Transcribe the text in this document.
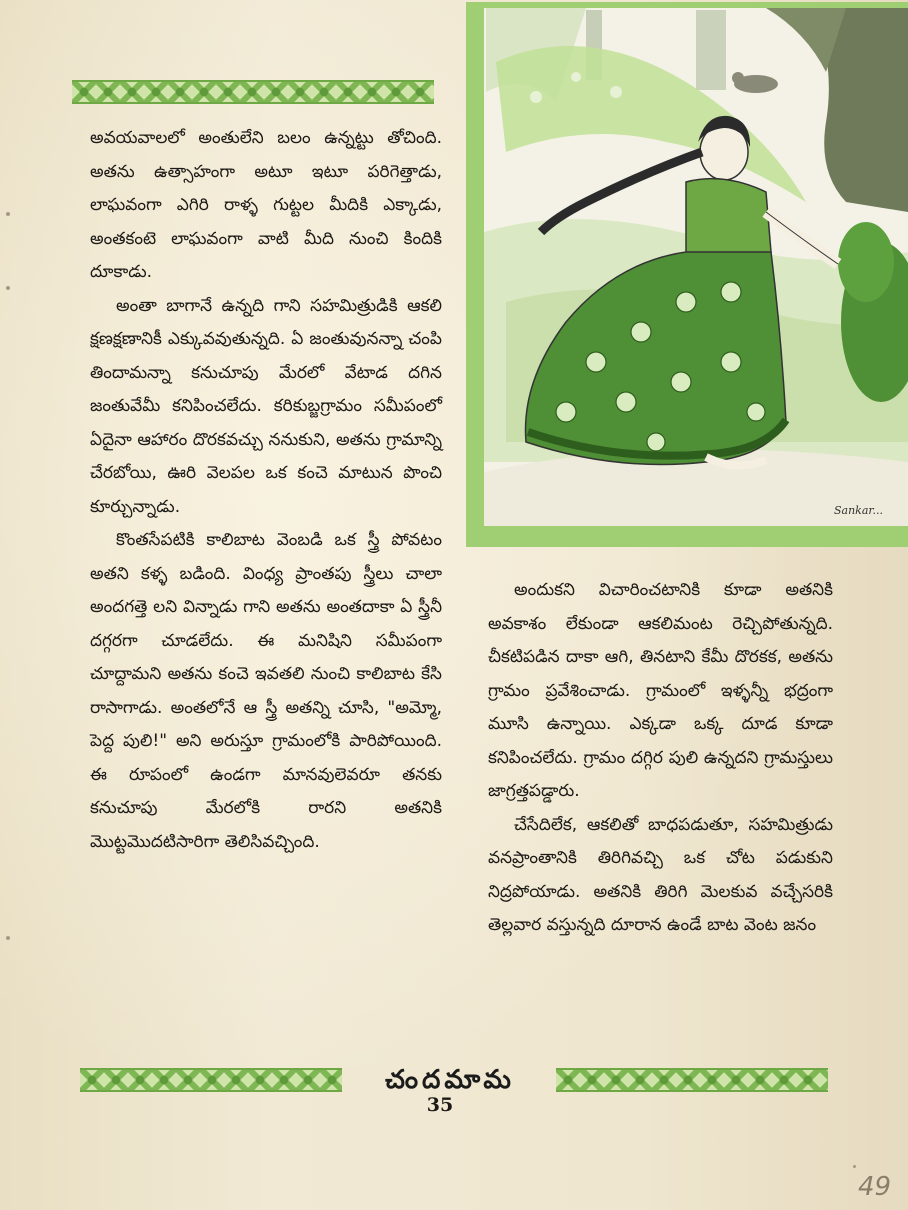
అవయవాలలో అంతులేని బలం ఉన్నట్టు తోచింది. అతను ఉత్సాహంగా అటూ ఇటూ పరిగెత్తాడు, లాఘవంగా ఎగిరి రాళ్ళ గుట్టల మీదికి ఎక్కాడు, అంతకంటె లాఘవంగా వాటి మీది నుంచి కిందికి దూకాడు.

అంతా బాగానే ఉన్నది గాని సహమిత్రుడికి ఆకలి క్షణక్షణానికీ ఎక్కువవుతున్నది. ఏ జంతువునన్నా చంపి తిందామన్నా కనుచూపు మేరలో వేటాడ దగిన జంతువేమీ కనిపించలేదు. కరికుబ్జగ్రామం సమీపంలో ఏదైనా ఆహారం దొరకవచ్చు ననుకుని, అతను గ్రామాన్ని చేరబోయి, ఊరి వెలపల ఒక కంచె మాటున పొంచి కూర్చున్నాడు.

కొంతసేపటికి కాలిబాట వెంబడి ఒక స్త్రీ పోవటం అతని కళ్ళ బడింది. వింధ్య ప్రాంతపు స్త్రీలు చాలా అందగత్తె లని విన్నాడు గాని అతను అంతదాకా ఏ స్త్రీనీ దగ్గరగా చూడలేదు. ఈ మనిషిని సమీపంగా చూద్దామని అతను కంచె ఇవతలి నుంచి కాలిబాట కేసి రాసాగాడు. అంతలోనే ఆ స్త్రీ అతన్ని చూసి, "అమ్మో, పెద్ద పులి!" అని అరుస్తూ గ్రామంలోకి పారిపోయింది. ఈ రూపంలో ఉండగా మానవులెవరూ తనకు కనుచూపు మేరలోకి రారని అతనికి మొట్టమొదటిసారిగా తెలిసివచ్చింది.

Sankar...

అందుకని విచారించటానికి కూడా అతనికి అవకాశం లేకుండా ఆకలిమంట రెచ్చిపోతున్నది. చీకటిపడిన దాకా ఆగి, తినటాని కేమీ దొరకక, అతను గ్రామం ప్రవేశించాడు. గ్రామంలో ఇళ్ళన్నీ భద్రంగా మూసి ఉన్నాయి. ఎక్కడా ఒక్క దూడ కూడా కనిపించలేదు. గ్రామం దగ్గిర పులి ఉన్నదని గ్రామస్తులు జాగ్రత్తపడ్డారు.

చేసేదిలేక, ఆకలితో బాధపడుతూ, సహమిత్రుడు వనప్రాంతానికి తిరిగివచ్చి ఒక చోట పడుకుని నిద్రపోయాడు. అతనికి తిరిగి మెలకువ వచ్చేసరికి తెల్లవార వస్తున్నది దూరాన ఉండే బాట వెంట జనం

చందమామ
35
49
